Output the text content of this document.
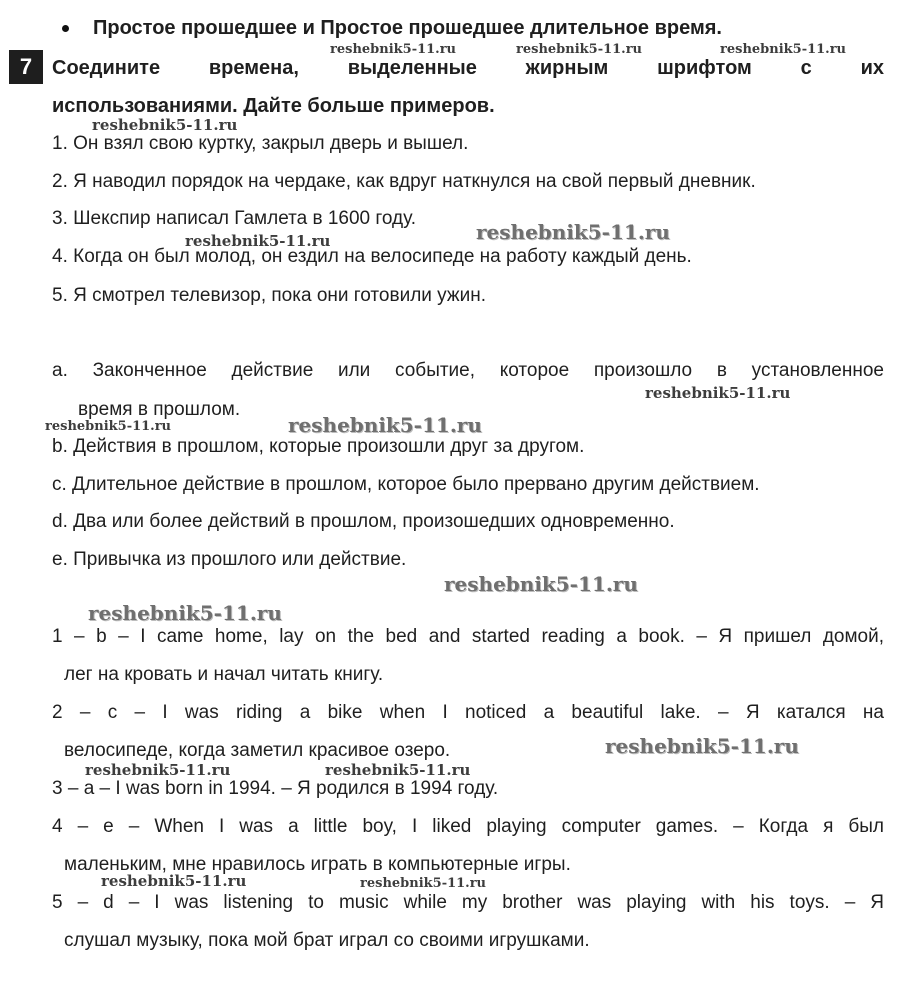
Простое прошедшее и Простое прошедшее длительное время.
7 Соедините времена, выделенные жирным шрифтом с их
использованиями. Дайте больше примеров.
1. Он взял свою куртку, закрыл дверь и вышел.
2. Я наводил порядок на чердаке, как вдруг наткнулся на свой первый дневник.
3. Шекспир написал Гамлета в 1600 году.
4. Когда он был молод, он ездил на велосипеде на работу каждый день.
5. Я смотрел телевизор, пока они готовили ужин.
a. Законченное действие или событие, которое произошло в установленное
время в прошлом.
b. Действия в прошлом, которые произошли друг за другом.
c. Длительное действие в прошлом, которое было прервано другим действием.
d. Два или более действий в прошлом, произошедших одновременно.
e. Привычка из прошлого или действие.
1 – b – I came home, lay on the bed and started reading a book. – Я пришел домой,
лег на кровать и начал читать книгу.
2 – c – I was riding a bike when I noticed a beautiful lake. – Я катался на
велосипеде, когда заметил красивое озеро.
3 – a – I was born in 1994. – Я родился в 1994 году.
4 – e – When I was a little boy, I liked playing computer games. – Когда я был
маленьким, мне нравилось играть в компьютерные игры.
5 – d – I was listening to music while my brother was playing with his toys. – Я
слушал музыку, пока мой брат играл со своими игрушками.
reshebnik5-11.ru	reshebnik5-11.ru	reshebnik5-11.ru
reshebnik5-11.ru
reshebnik5-11.ru	reshebnik5-11.ru
reshebnik5-11.ru
reshebnik5-11.ru	reshebnik5-11.ru
reshebnik5-11.ru
reshebnik5-11.ru
reshebnik5-11.ru
reshebnik5-11.ru	reshebnik5-11.ru
reshebnik5-11.ru	reshebnik5-11.ru
